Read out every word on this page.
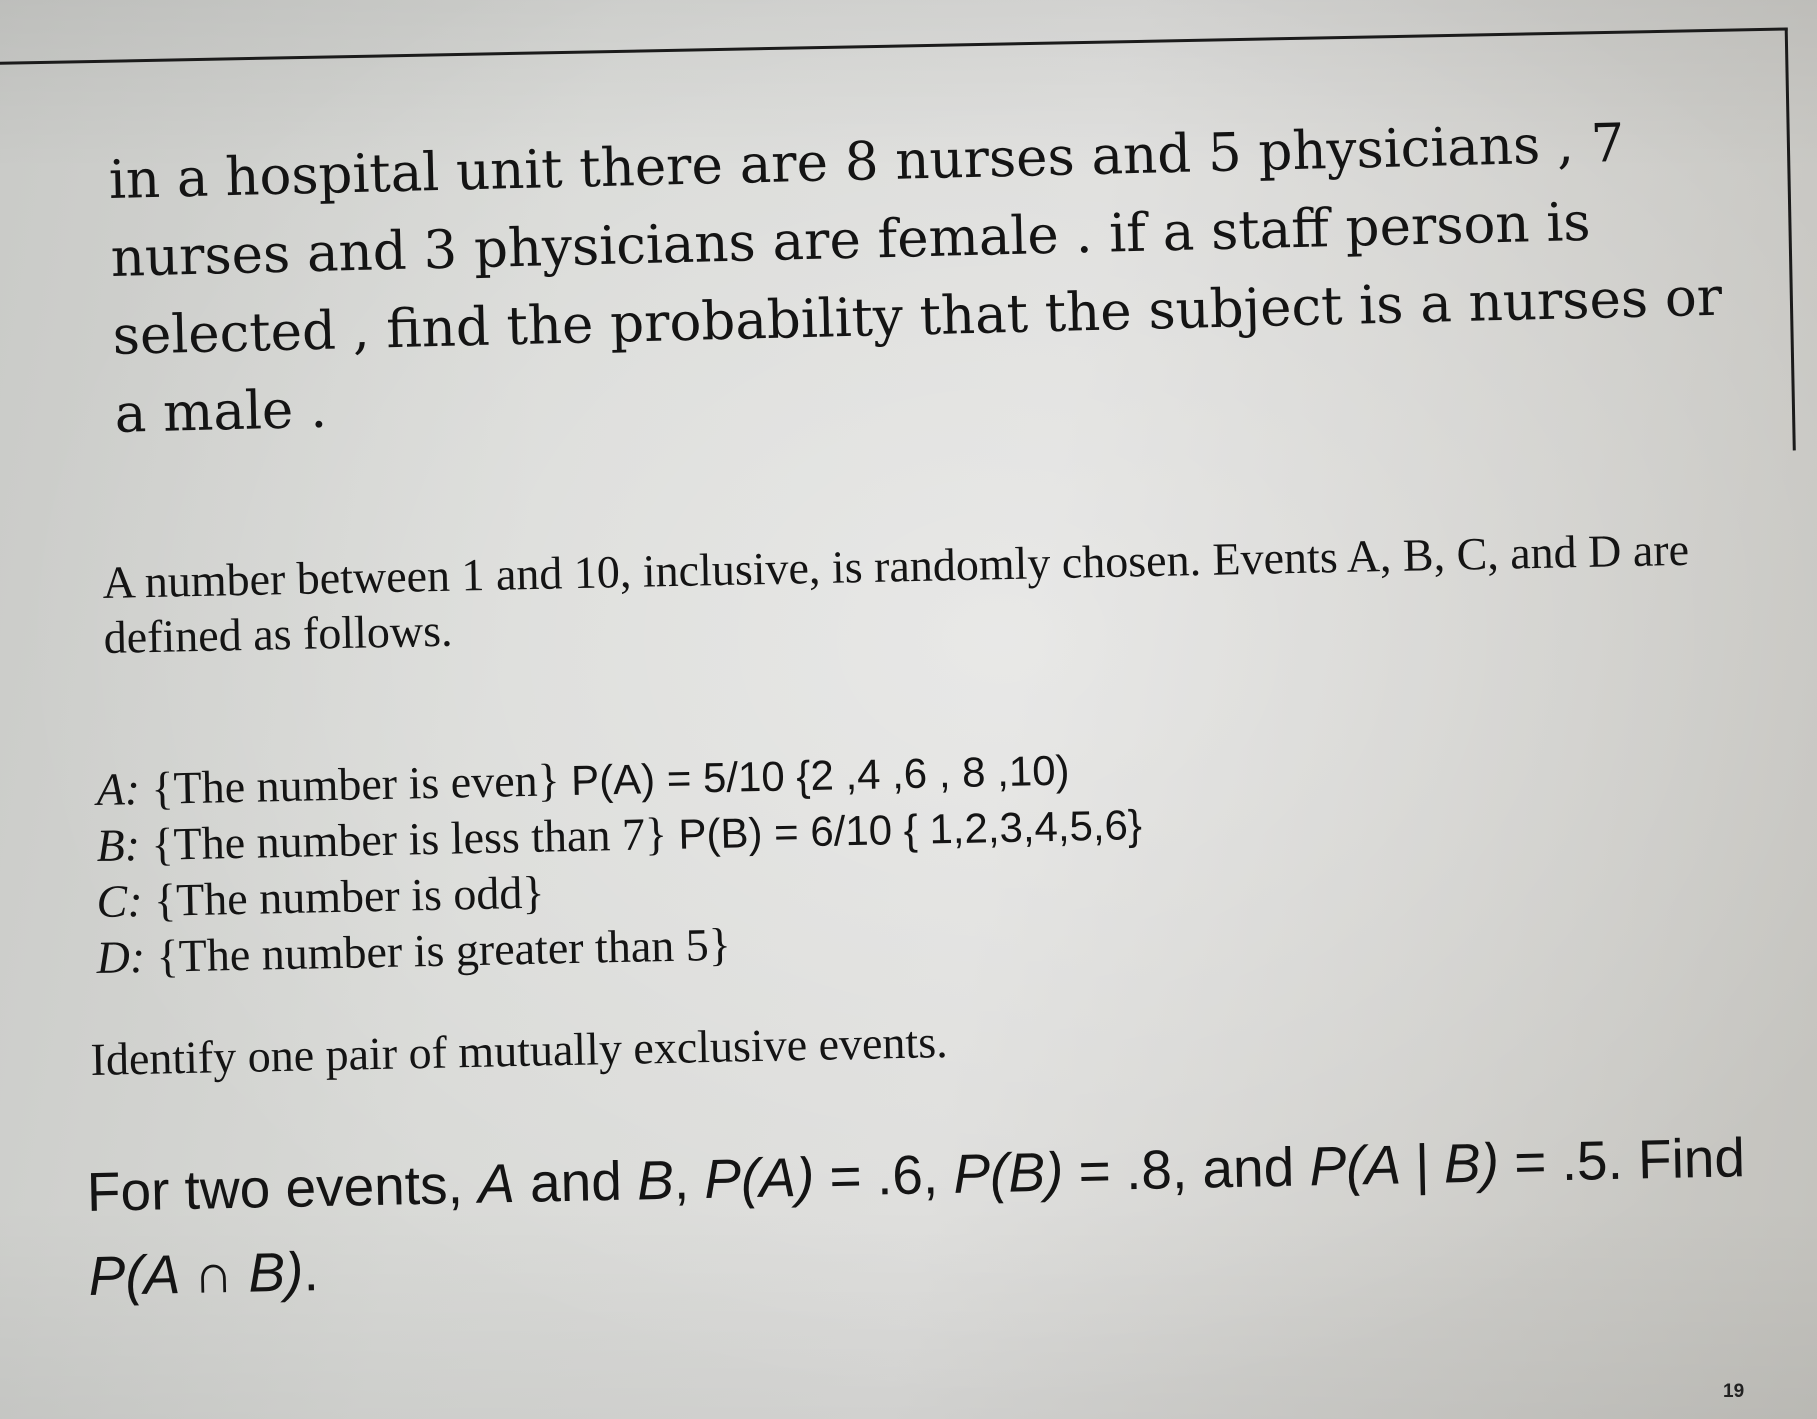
in a hospital unit there are 8 nurses and 5 physicians , 7 nurses and 3 physicians are female . if a staff person is selected , find the probability that the subject is a nurses or a male .

A number between 1 and 10, inclusive, is randomly chosen. Events A, B, C, and D are defined as follows.

A: {The number is even} P(A) = 5/10 {2 ,4 ,6 , 8 ,10)
B: {The number is less than 7} P(B) = 6/10 { 1,2,3,4,5,6}
C: {The number is odd}
D: {The number is greater than 5}

Identify one pair of mutually exclusive events.

For two events, A and B, P(A) = .6, P(B) = .8, and P(A | B) = .5. Find
P(A ∩ B).

19
